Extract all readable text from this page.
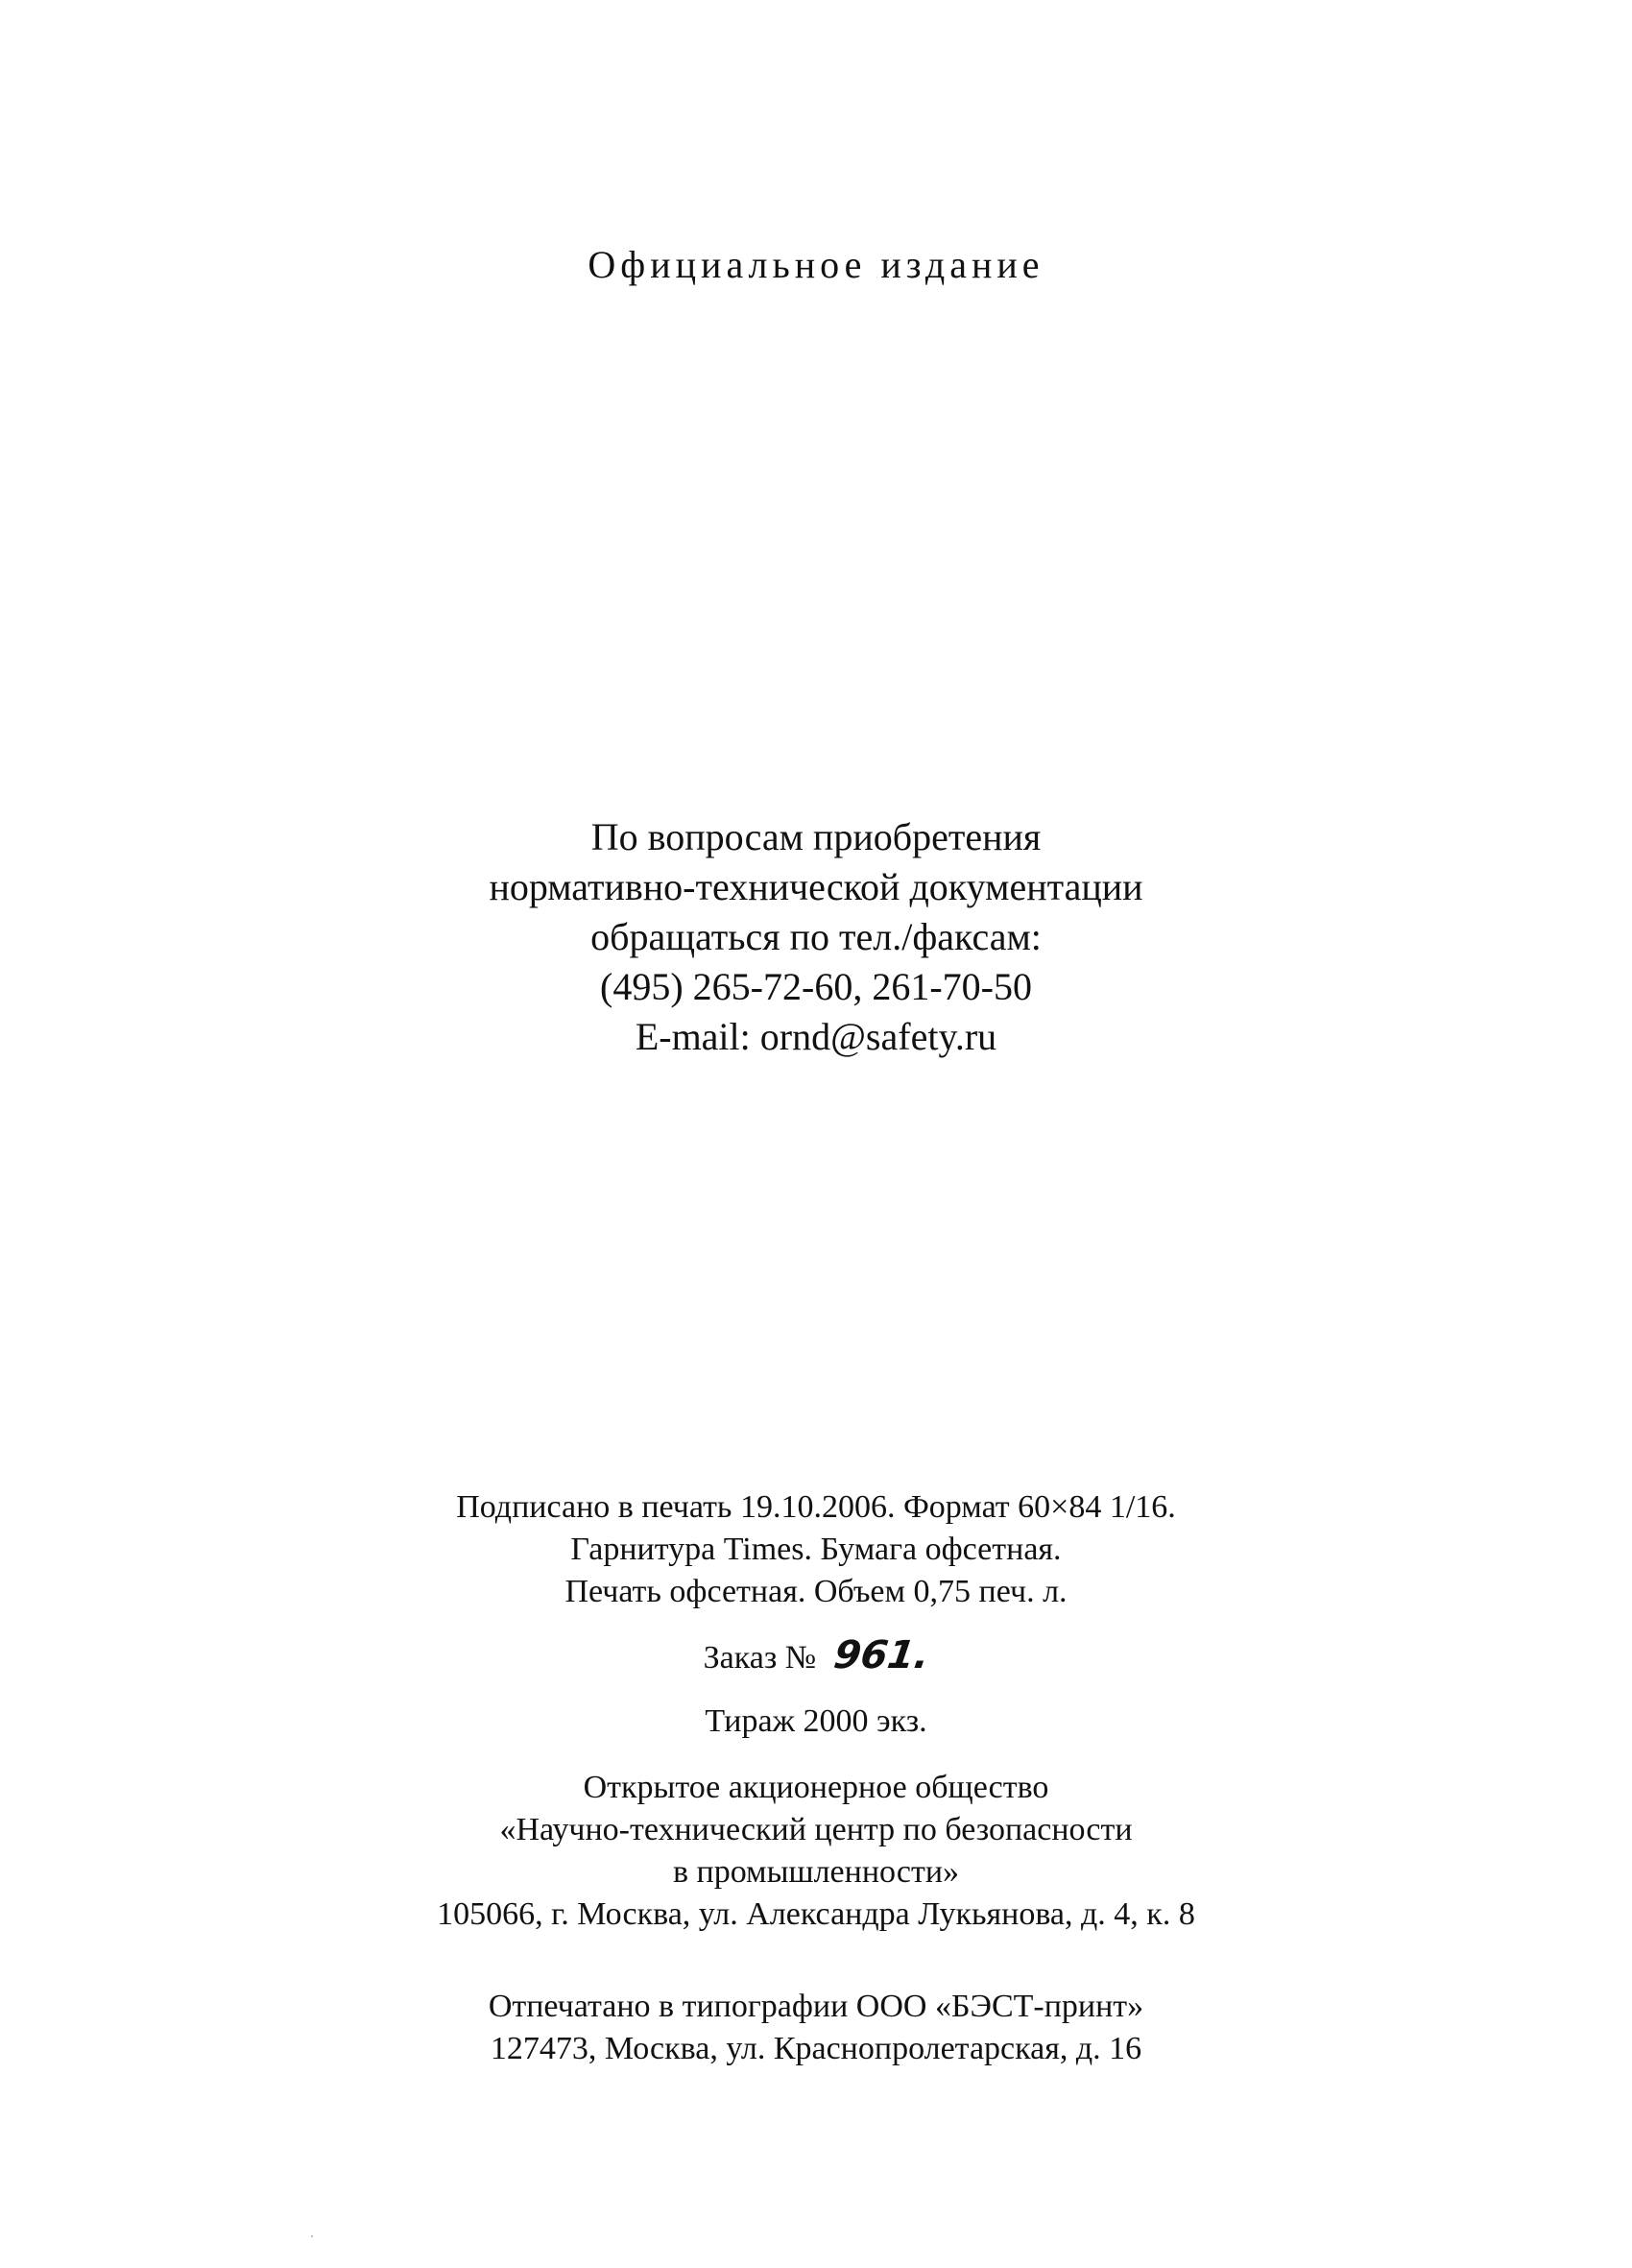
Официальное издание
По вопросам приобретения
нормативно-технической документации
обращаться по тел./факсам:
(495) 265-72-60, 261-70-50
E-mail: ornd@safety.ru
Подписано в печать 19.10.2006. Формат 60×84 1/16.
Гарнитура Times. Бумага офсетная.
Печать офсетная. Объем 0,75 печ. л.
Заказ № 961.
Тираж 2000 экз.
Открытое акционерное общество
«Научно-технический центр по безопасности
в промышленности»
105066, г. Москва, ул. Александра Лукьянова, д. 4, к. 8
Отпечатано в типографии ООО «БЭСТ-принт»
127473, Москва, ул. Краснопролетарская, д. 16
